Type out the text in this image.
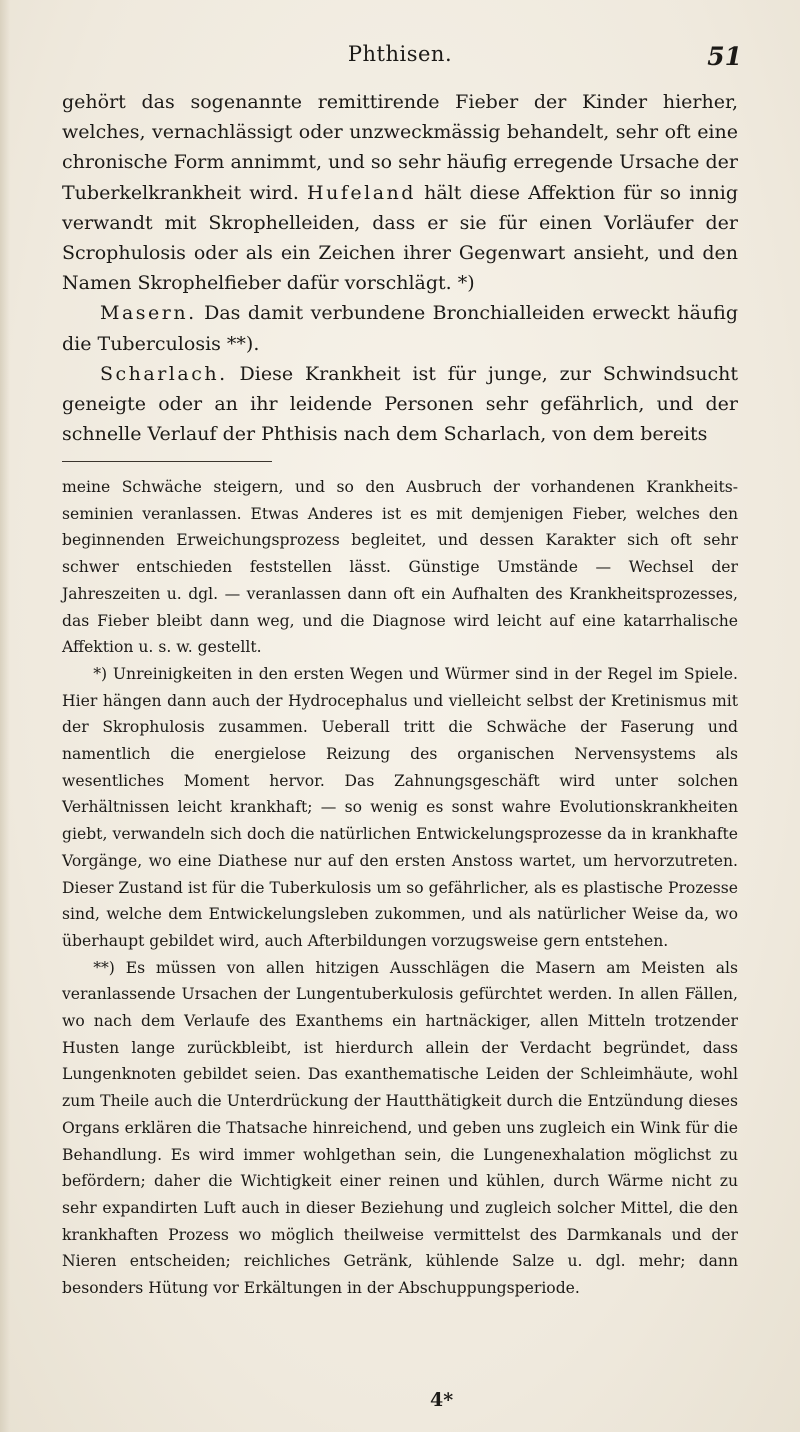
Phthisen.	51

gehört das sogenannte remittirende Fieber der Kinder hierher, welches, vernachlässigt oder unzweckmässig behandelt, sehr oft eine chronische Form annimmt, und so sehr häufig erregende Ursache der Tuberkelkrankheit wird. Hufeland hält diese Affektion für so innig verwandt mit Skrophelleiden, dass er sie für einen Vorläufer der Scrophulosis oder als ein Zeichen ihrer Gegenwart ansieht, und den Namen Skrophelfieber dafür vorschlägt. *)

Masern. Das damit verbundene Bronchialleiden erweckt häufig die Tuberculosis **).

Scharlach. Diese Krankheit ist für junge, zur Schwindsucht geneigte oder an ihr leidende Personen sehr gefährlich, und der schnelle Verlauf der Phthisis nach dem Scharlach, von dem bereits

meine Schwäche steigern, und so den Ausbruch der vorhandenen Krankheits-seminien veranlassen. Etwas Anderes ist es mit demjenigen Fieber, welches den beginnenden Erweichungsprozess begleitet, und dessen Karakter sich oft sehr schwer entschieden feststellen lässt. Günstige Umstände — Wechsel der Jahreszeiten u. dgl. — veranlassen dann oft ein Aufhalten des Krankheitsprozesses, das Fieber bleibt dann weg, und die Diagnose wird leicht auf eine katarrhalische Affektion u. s. w. gestellt.

*) Unreinigkeiten in den ersten Wegen und Würmer sind in der Regel im Spiele. Hier hängen dann auch der Hydrocephalus und vielleicht selbst der Kretinismus mit der Skrophulosis zusammen. Ueberall tritt die Schwäche der Faserung und namentlich die energielose Reizung des organischen Nervensystems als wesentliches Moment hervor. Das Zahnungsgeschäft wird unter solchen Verhältnissen leicht krankhaft; — so wenig es sonst wahre Evolutionskrankheiten giebt, verwandeln sich doch die natürlichen Entwickelungsprozesse da in krankhafte Vorgänge, wo eine Diathese nur auf den ersten Anstoss wartet, um hervorzutreten. Dieser Zustand ist für die Tuberkulosis um so gefährlicher, als es plastische Prozesse sind, welche dem Entwickelungsleben zukommen, und als natürlicher Weise da, wo überhaupt gebildet wird, auch Afterbildungen vorzugsweise gern entstehen.

**) Es müssen von allen hitzigen Ausschlägen die Masern am Meisten als veranlassende Ursachen der Lungentuberkulosis gefürchtet werden. In allen Fällen, wo nach dem Verlaufe des Exanthems ein hartnäckiger, allen Mitteln trotzender Husten lange zurückbleibt, ist hierdurch allein der Verdacht begründet, dass Lungenknoten gebildet seien. Das exanthematische Leiden der Schleimhäute, wohl zum Theile auch die Unterdrückung der Hautthätigkeit durch die Entzündung dieses Organs erklären die Thatsache hinreichend, und geben uns zugleich ein Wink für die Behandlung. Es wird immer wohlgethan sein, die Lungenexhalation möglichst zu befördern; daher die Wichtigkeit einer reinen und kühlen, durch Wärme nicht zu sehr expandirten Luft auch in dieser Beziehung und zugleich solcher Mittel, die den krankhaften Prozess wo möglich theilweise vermittelst des Darmkanals und der Nieren entscheiden; reichliches Getränk, kühlende Salze u. dgl. mehr; dann besonders Hütung vor Erkältungen in der Abschuppungsperiode.

4*
